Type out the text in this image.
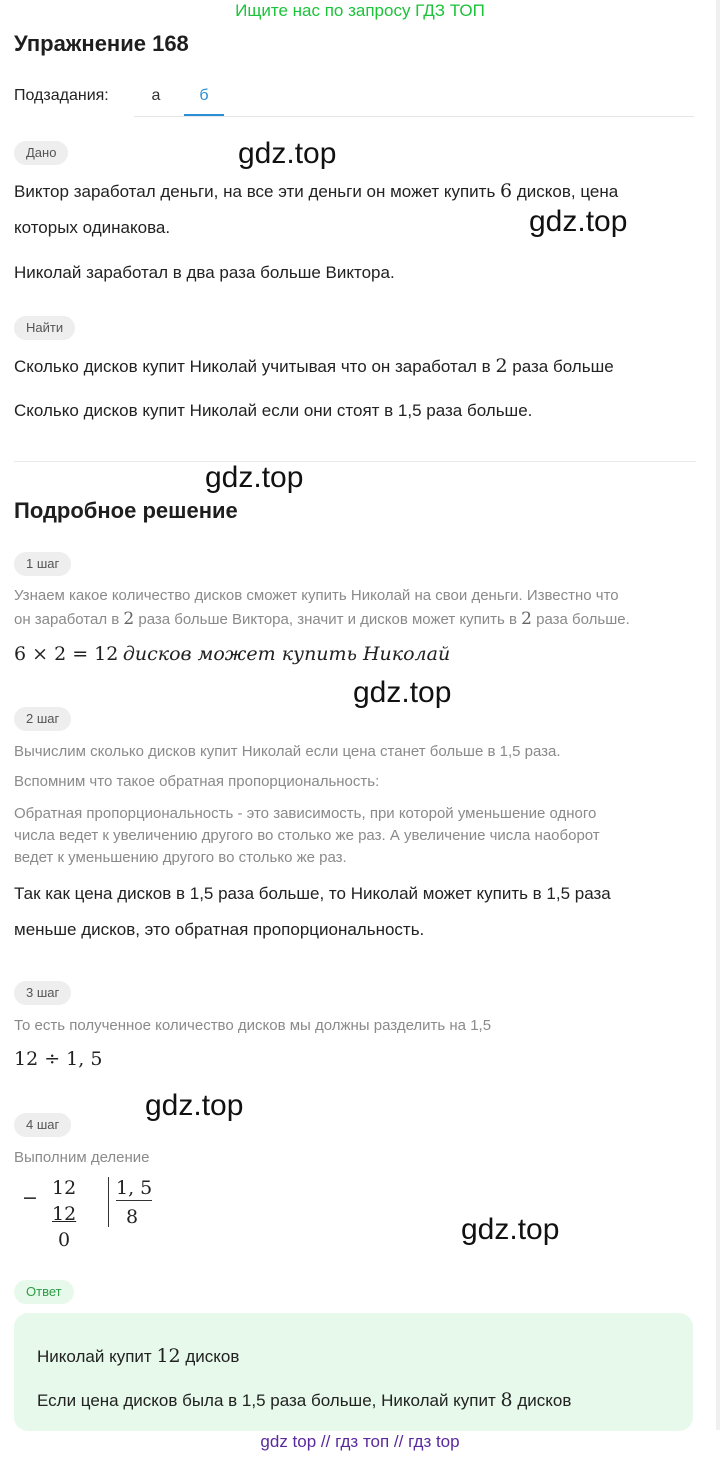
Ищите нас по запросу ГДЗ ТОП
Упражнение 168
Подзадания:	а	б
Дано
Виктор заработал деньги, на все эти деньги он может купить 6 дисков, цена
которых одинакова.
Николай заработал в два раза больше Виктора.
Найти
Сколько дисков купит Николай учитывая что он заработал в 2 раза больше
Сколько дисков купит Николай если они стоят в 1,5 раза больше.
Подробное решение
1 шаг
Узнаем какое количество дисков сможет купить Николай на свои деньги. Известно что
он заработал в 2 раза больше Виктора, значит и дисков может купить в 2 раза больше.
6 × 2 = 12 дисков может купить Николай
2 шаг
Вычислим сколько дисков купит Николай если цена станет больше в 1,5 раза.
Вспомним что такое обратная пропорциональность:
Обратная пропорциональность - это зависимость, при которой уменьшение одного
числа ведет к увеличению другого во столько же раз. А увеличение числа наоборот
ведет к уменьшению другого во столько же раз.
Так как цена дисков в 1,5 раза больше, то Николай может купить в 1,5 раза
меньше дисков, это обратная пропорциональность.
3 шаг
То есть полученное количество дисков мы должны разделить на 1,5
12 ÷ 1, 5
4 шаг
Выполним деление
− 12
12
0
1, 5
8
Ответ
Николай купит 12 дисков
Если цена дисков была в 1,5 раза больше, Николай купит 8 дисков
gdz.top
gdz.top
gdz.top
gdz.top
gdz.top
gdz.top
gdz top // гдз топ // гдз top
